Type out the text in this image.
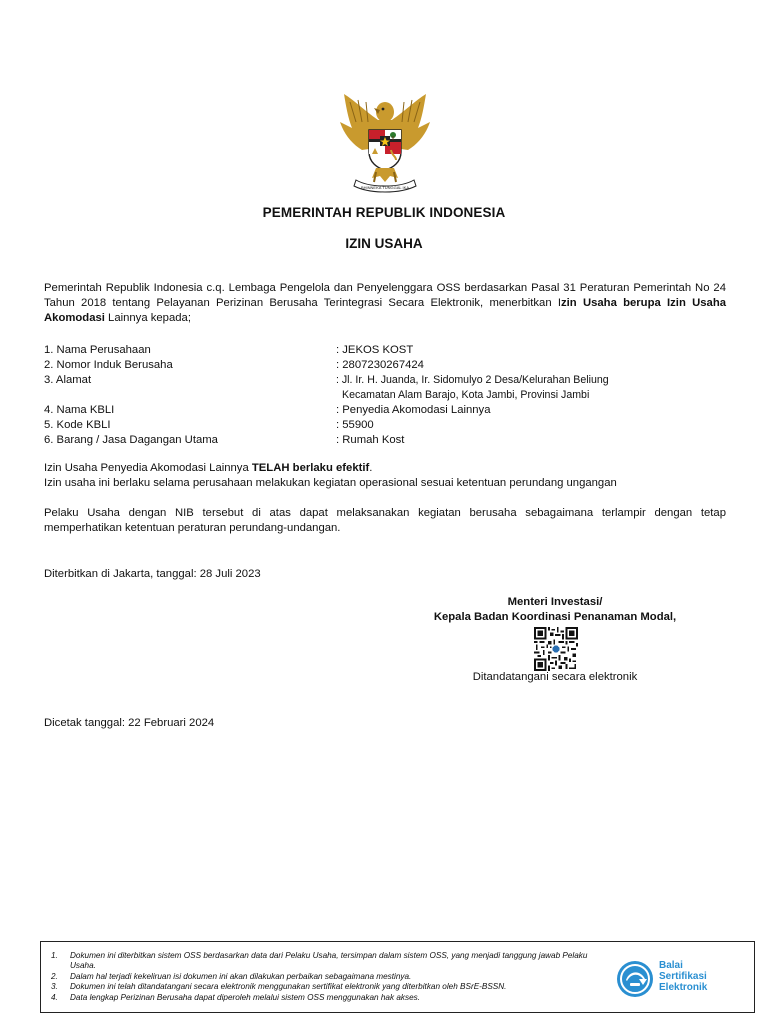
BHINNEKA TUNGGAL IKA
PEMERINTAH REPUBLIK INDONESIA
IZIN USAHA
Pemerintah Republik Indonesia c.q. Lembaga Pengelola dan Penyelenggara OSS berdasarkan Pasal 31 Peraturan Pemerintah No 24 Tahun 2018 tentang Pelayanan Perizinan Berusaha Terintegrasi Secara Elektronik, menerbitkan Izin Usaha berupa Izin Usaha Akomodasi Lainnya kepada;
1. Nama Perusahaan	: JEKOS KOST
2. Nomor Induk Berusaha	: 2807230267424
3. Alamat	: Jl. Ir. H. Juanda, Ir. Sidomulyo 2 Desa/Kelurahan Beliung
Kecamatan Alam Barajo, Kota Jambi, Provinsi Jambi
4. Nama KBLI	: Penyedia Akomodasi Lainnya
5. Kode KBLI	: 55900
6. Barang / Jasa Dagangan Utama	: Rumah Kost
Izin Usaha Penyedia Akomodasi Lainnya TELAH berlaku efektif.
Izin usaha ini berlaku selama perusahaan melakukan kegiatan operasional sesuai ketentuan perundang ungangan
Pelaku Usaha dengan NIB tersebut di atas dapat melaksanakan kegiatan berusaha sebagaimana terlampir dengan tetap memperhatikan ketentuan peraturan perundang-undangan.
Diterbitkan di Jakarta, tanggal: 28 Juli 2023
Menteri Investasi/
Kepala Badan Koordinasi Penanaman Modal,
Ditandatangani secara elektronik
Dicetak tanggal: 22 Februari 2024
1. Dokumen ini diterbitkan sistem OSS berdasarkan data dari Pelaku Usaha, tersimpan dalam sistem OSS, yang menjadi tanggung jawab Pelaku Usaha.
2. Dalam hal terjadi kekeliruan isi dokumen ini akan dilakukan perbaikan sebagaimana mestinya.
3. Dokumen ini telah ditandatangani secara elektronik menggunakan sertifikat elektronik yang diterbitkan oleh BSrE-BSSN.
4. Data lengkap Perizinan Berusaha dapat diperoleh melalui sistem OSS menggunakan hak akses.
Balai
Sertifikasi
Elektronik
